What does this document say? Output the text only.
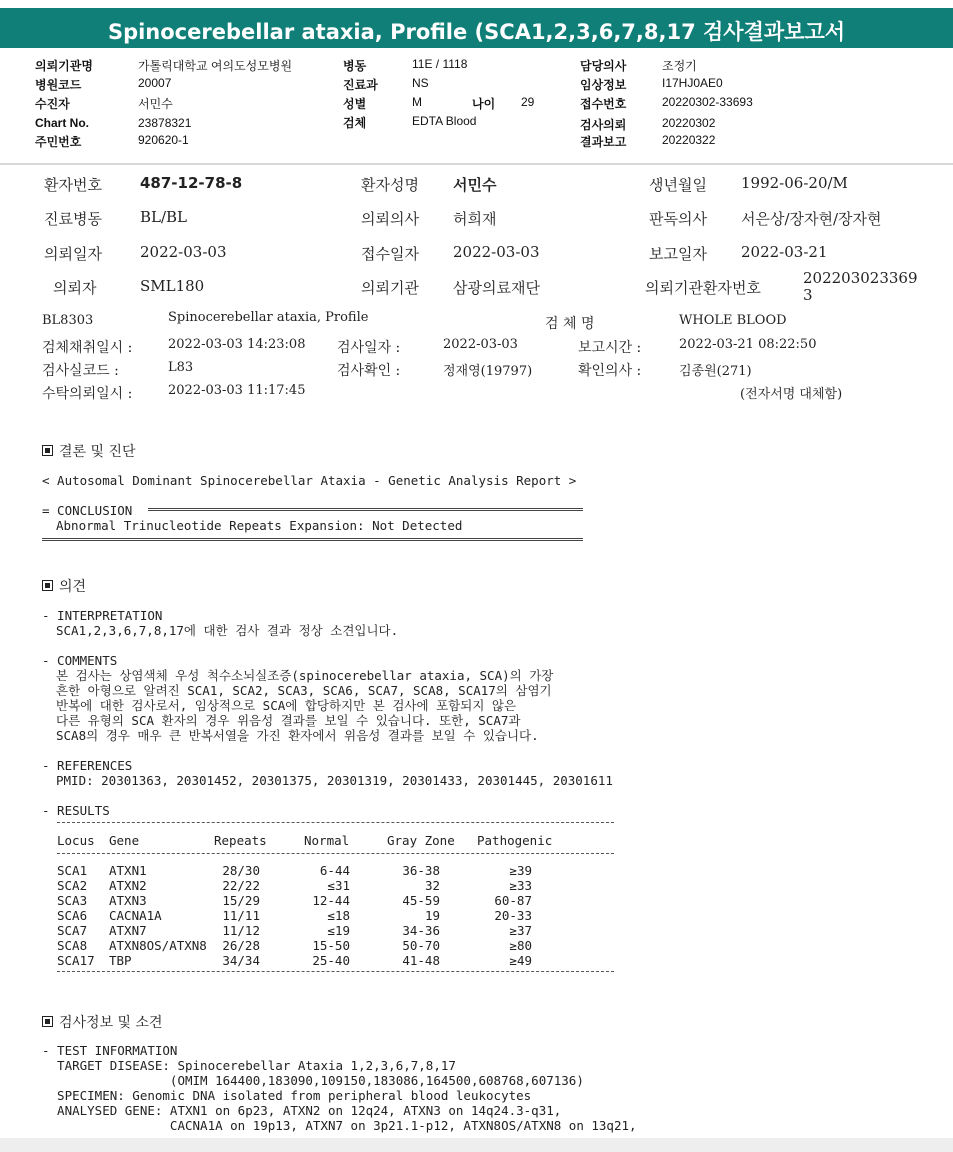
Spinocerebellar ataxia, Profile (SCA1,2,3,6,7,8,17 검사결과보고서
의뢰기관명	가톨릭대학교 여의도성모병원
병원코드	20007
수진자	서민수
Chart No.	23878321
주민번호	920620-1
병동	11E / 1118
진료과	NS
성별	M	나이 29
검체	EDTA Blood
담당의사	조정기
임상정보	I17HJ0AE0
접수번호	20220302-33693
검사의뢰	20220302
결과보고	20220322
환자번호	487-12-78-8	환자성명 서민수	생년월일 1992-06-20/M
진료병동	BL/BL	의뢰의사 허희재	판독의사 서은상/장자현/장자현
의뢰일자	2022-03-03	접수일자 2022-03-03	보고일자 2022-03-21
의뢰자	SML180	의뢰기관 삼광의료재단	의뢰기관환자번호
202203023369
3
BL8303	Spinocerebellar ataxia, Profile	검 체 명	WHOLE BLOOD
검체채취일시 :	2022-03-03 14:23:08 검사일자 :	2022-03-03	보고시간 :	2022-03-21 08:22:50
검사실코드 :	L83	검사확인 :	정재영(19797)	확인의사 :	김종원(271)
수탁의뢰일시 :	2022-03-03 11:17:45	(전자서명 대체함)
결론 및 진단
< Autosomal Dominant Spinocerebellar Ataxia - Genetic Analysis Report >
= CONCLUSION
Abnormal Trinucleotide Repeats Expansion: Not Detected
의견
- INTERPRETATION
SCA1,2,3,6,7,8,17에 대한 검사 결과 정상 소견입니다.
- COMMENTS
본 검사는 상염색체 우성 척수소뇌실조증(spinocerebellar ataxia, SCA)의 가장
흔한 아형으로 알려진 SCA1, SCA2, SCA3, SCA6, SCA7, SCA8, SCA17의 삼염기
반복에 대한 검사로서, 임상적으로 SCA에 합당하지만 본 검사에 포함되지 않은
다른 유형의 SCA 환자의 경우 위음성 결과를 보일 수 있습니다. 또한, SCA7과
SCA8의 경우 매우 큰 반복서열을 가진 환자에서 위음성 결과를 보일 수 있습니다.
- REFERENCES
PMID: 20301363, 20301452, 20301375, 20301319, 20301433, 20301445, 20301611
- RESULTS
Locus Gene	Repeats	Normal	Gray Zone Pathogenic
SCA1	ATXN1	28/30	6-44	36-38	≥39
SCA2	ATXN2	22/22	≤31	32	≥33
SCA3	ATXN3	15/29	12-44	45-59	60-87
SCA6	CACNA1A	11/11	≤18	19	20-33
SCA7	ATXN7	11/12	≤19	34-36	≥37
SCA8	ATXN8OS/ATXN8	26/28	15-50	50-70	≥80
SCA17	TBP	34/34	25-40	41-48	≥49
검사정보 및 소견
- TEST INFORMATION
TARGET DISEASE: Spinocerebellar Ataxia 1,2,3,6,7,8,17
(OMIM 164400,183090,109150,183086,164500,608768,607136)
SPECIMEN: Genomic DNA isolated from peripheral blood leukocytes
ANALYSED GENE: ATXN1 on 6p23, ATXN2 on 12q24, ATXN3 on 14q24.3-q31,
CACNA1A on 19p13, ATXN7 on 3p21.1-p12, ATXN8OS/ATXN8 on 13q21,
